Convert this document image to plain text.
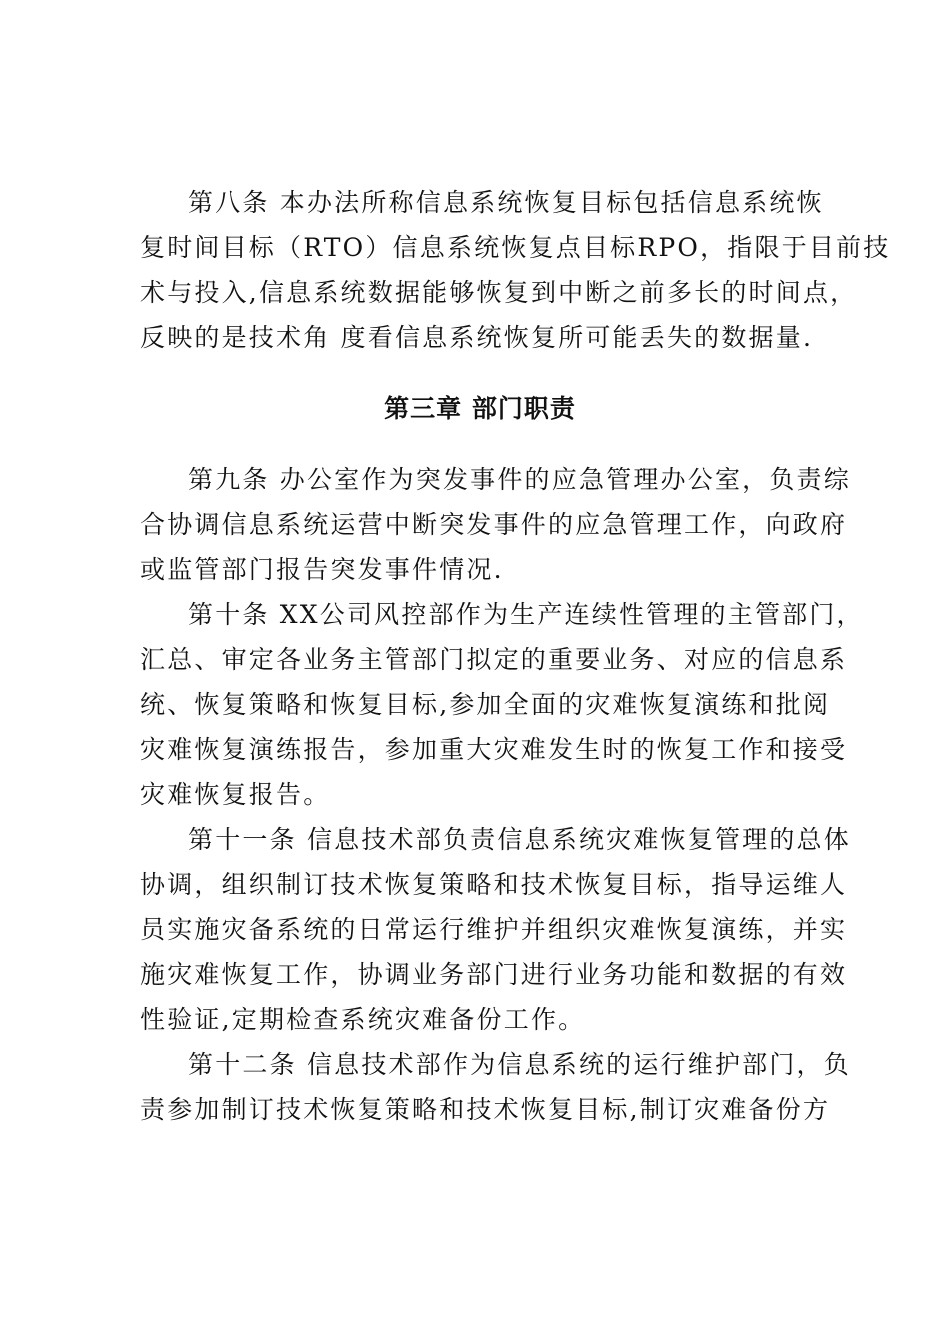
第八条 本办法所称信息系统恢复目标包括信息系统恢
复时间目标（RTO）信息系统恢复点目标RPO，指限于目前技
术与投入,信息系统数据能够恢复到中断之前多长的时间点，
反映的是技术角 度看信息系统恢复所可能丢失的数据量.
第三章 部门职责
第九条 办公室作为突发事件的应急管理办公室，负责综
合协调信息系统运营中断突发事件的应急管理工作，向政府
或监管部门报告突发事件情况.
第十条 XX公司风控部作为生产连续性管理的主管部门，
汇总、审定各业务主管部门拟定的重要业务、对应的信息系
统、恢复策略和恢复目标,参加全面的灾难恢复演练和批阅
灾难恢复演练报告，参加重大灾难发生时的恢复工作和接受
灾难恢复报告。
第十一条 信息技术部负责信息系统灾难恢复管理的总体
协调，组织制订技术恢复策略和技术恢复目标，指导运维人
员实施灾备系统的日常运行维护并组织灾难恢复演练，并实
施灾难恢复工作，协调业务部门进行业务功能和数据的有效
性验证,定期检查系统灾难备份工作。
第十二条 信息技术部作为信息系统的运行维护部门，负
责参加制订技术恢复策略和技术恢复目标,制订灾难备份方
